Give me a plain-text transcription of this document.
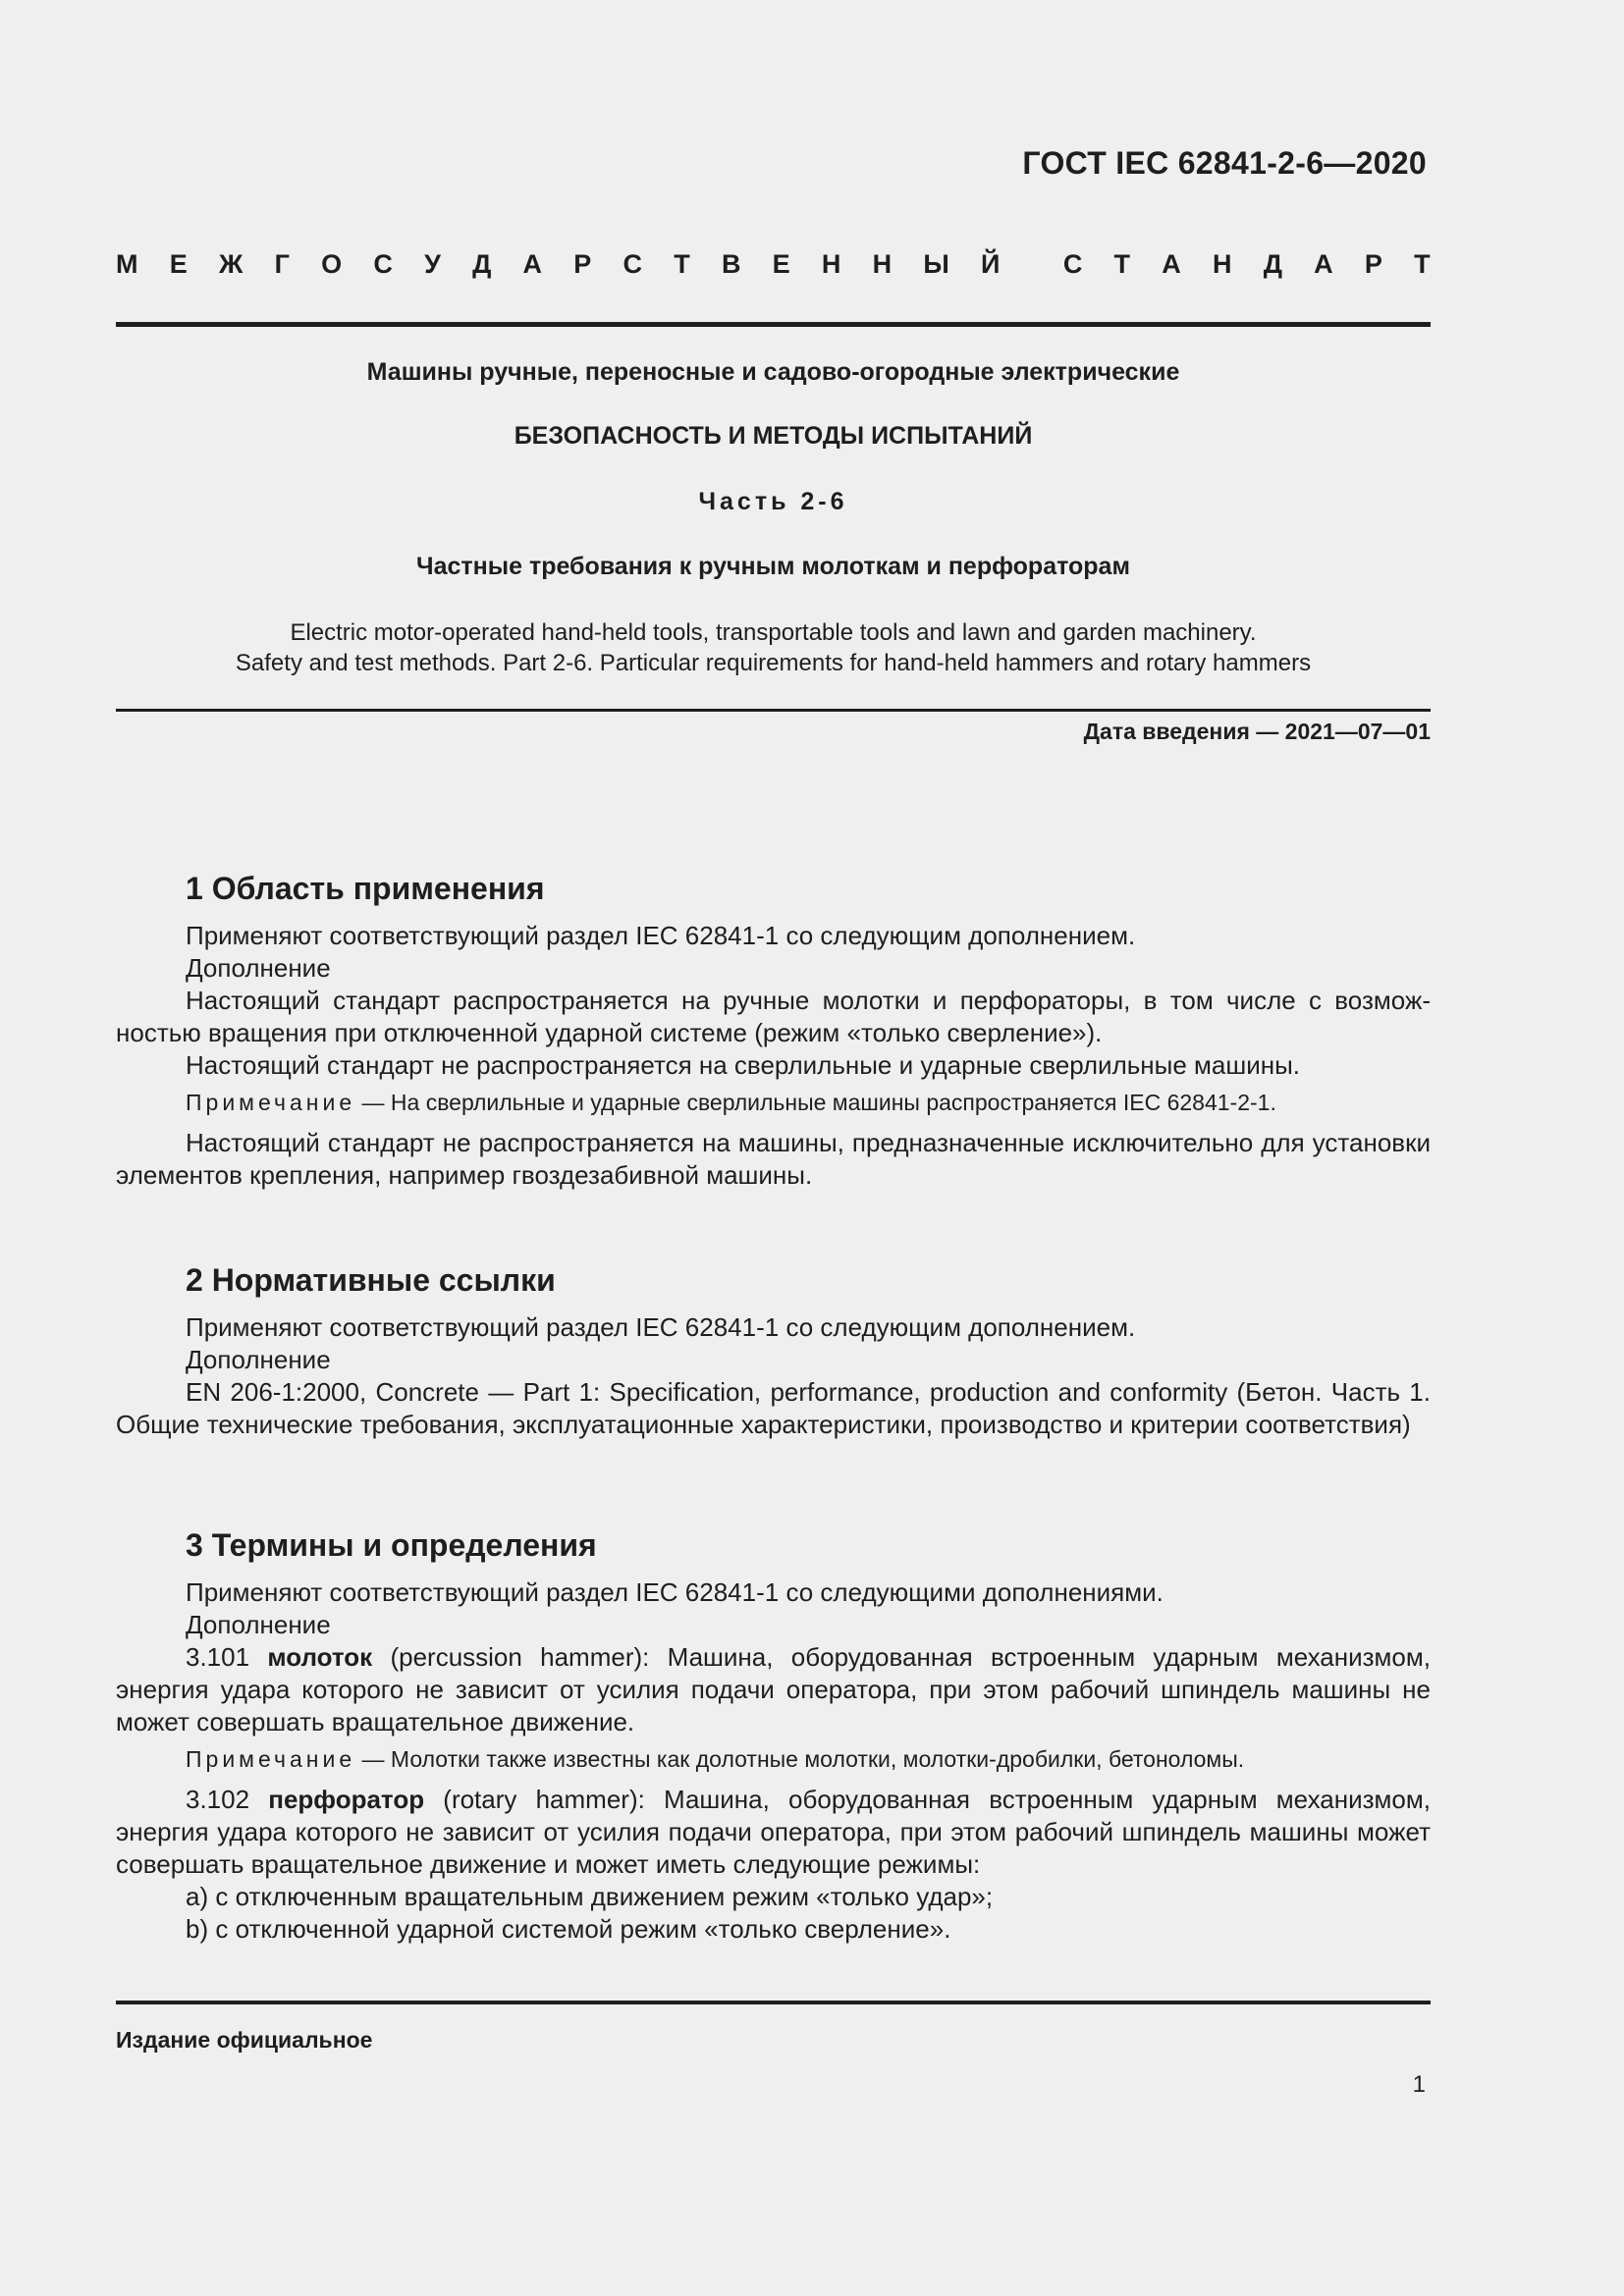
ГОСТ IEC 62841-2-6—2020
М Е Ж Г О С У Д А Р С Т В Е Н Н Ы Й С Т А Н Д А Р Т
Машины ручные, переносные и садово-огородные электрические
БЕЗОПАСНОСТЬ И МЕТОДЫ ИСПЫТАНИЙ
Часть 2-6
Частные требования к ручным молоткам и перфораторам
Electric motor-operated hand-held tools, transportable tools and lawn and garden machinery.
Safety and test methods. Part 2-6. Particular requirements for hand-held hammers and rotary hammers
Дата введения — 2021—07—01

1 Область применения

Применяют соответствующий раздел IEC 62841-1 со следующим дополнением.

Дополнение

Настоящий стандарт распространяется на ручные молотки и перфораторы, в том числе с возмож-ностью вращения при отключенной ударной системе (режим «только сверление»).

Настоящий стандарт не распространяется на сверлильные и ударные сверлильные машины.

Примечание — На сверлильные и ударные сверлильные машины распространяется IEC 62841-2-1.

Настоящий стандарт не распространяется на машины, предназначенные исключительно для установки элементов крепления, например гвоздезабивной машины.

2 Нормативные ссылки

Применяют соответствующий раздел IEC 62841-1 со следующим дополнением.

Дополнение

EN 206-1:2000, Concrete — Part 1: Specification, performance, production and conformity (Бетон. Часть 1. Общие технические требования, эксплуатационные характеристики, производство и критерии соответствия)

3 Термины и определения

Применяют соответствующий раздел IEC 62841-1 со следующими дополнениями.

Дополнение

3.101 молоток (percussion hammer): Машина, оборудованная встроенным ударным механизмом, энергия удара которого не зависит от усилия подачи оператора, при этом рабочий шпиндель машины не может совершать вращательное движение.

Примечание — Молотки также известны как долотные молотки, молотки-дробилки, бетоноломы.

3.102 перфоратор (rotary hammer): Машина, оборудованная встроенным ударным механизмом, энергия удара которого не зависит от усилия подачи оператора, при этом рабочий шпиндель машины может совершать вращательное движение и может иметь следующие режимы:

a) с отключенным вращательным движением режим «только удар»;

b) с отключенной ударной системой режим «только сверление».

Издание официальное
1
